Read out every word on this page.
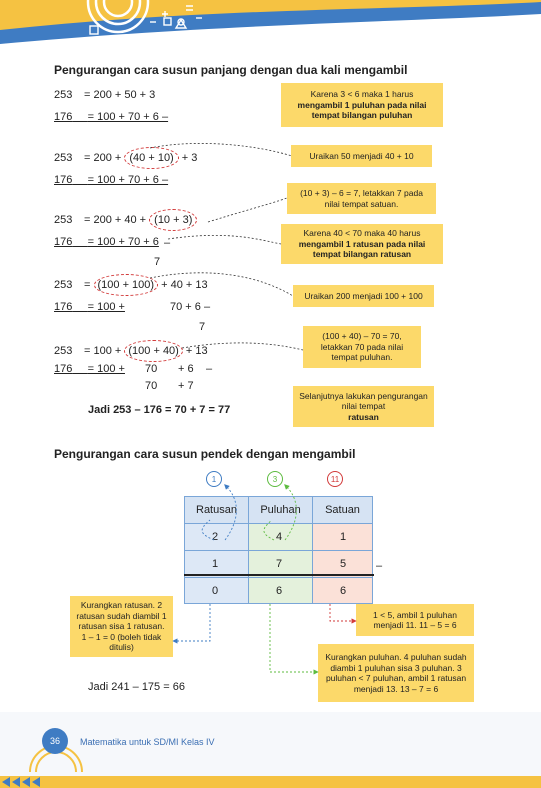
Pengurangan cara susun panjang dengan dua kali mengambil
253 = 200 + 50 + 3
176 = 100 + 70 + 6 –
253 = 200 + (40 + 10) + 3
176 = 100 + 70 + 6 –
253 = 200 + 40 + (10 + 3)
176 = 100 + 70 + 6 –
7
253 = (100 + 100) + 40 + 13
176 = 100 +	70 + 6 –
7
253 = 100 + (100 + 40) + 13
176 = 100 +	70 + 6 –
70 + 7
Jadi 253 – 176 = 70 + 7 = 77
Karena 3 < 6 maka 1 harus
mengambil 1 puluhan pada nilai tempat bilangan puluhan
Uraikan 50 menjadi 40 + 10
(10 + 3) – 6 = 7, letakkan 7 pada nilai tempat satuan.
Karena 40 < 70 maka 40 harus
mengambil 1 ratusan pada nilai tempat bilangan ratusan
Uraikan 200 menjadi 100 + 100
(100 + 40) – 70 = 70, letakkan 70 pada nilai tempat puluhan.
Selanjutnya lakukan pengurangan nilai tempat
ratusan
Pengurangan cara susun pendek dengan mengambil
1	3	11
Ratusan	Puluhan	Satuan
2	4	1
1	7	5
0	6	6
–
Kurangkan ratusan. 2 ratusan sudah diambil 1 ratusan sisa 1 ratusan. 1 – 1 = 0 (boleh tidak ditulis)
1 < 5, ambil 1 puluhan menjadi 11. 11 – 5 = 6
Kurangkan puluhan. 4 puluhan sudah diambi 1 puluhan sisa 3 puluhan. 3 puluhan < 7 puluhan, ambil 1 ratusan menjadi 13. 13 – 7 = 6
Jadi 241 – 175 = 66
36	Matematika untuk SD/MI Kelas IV
